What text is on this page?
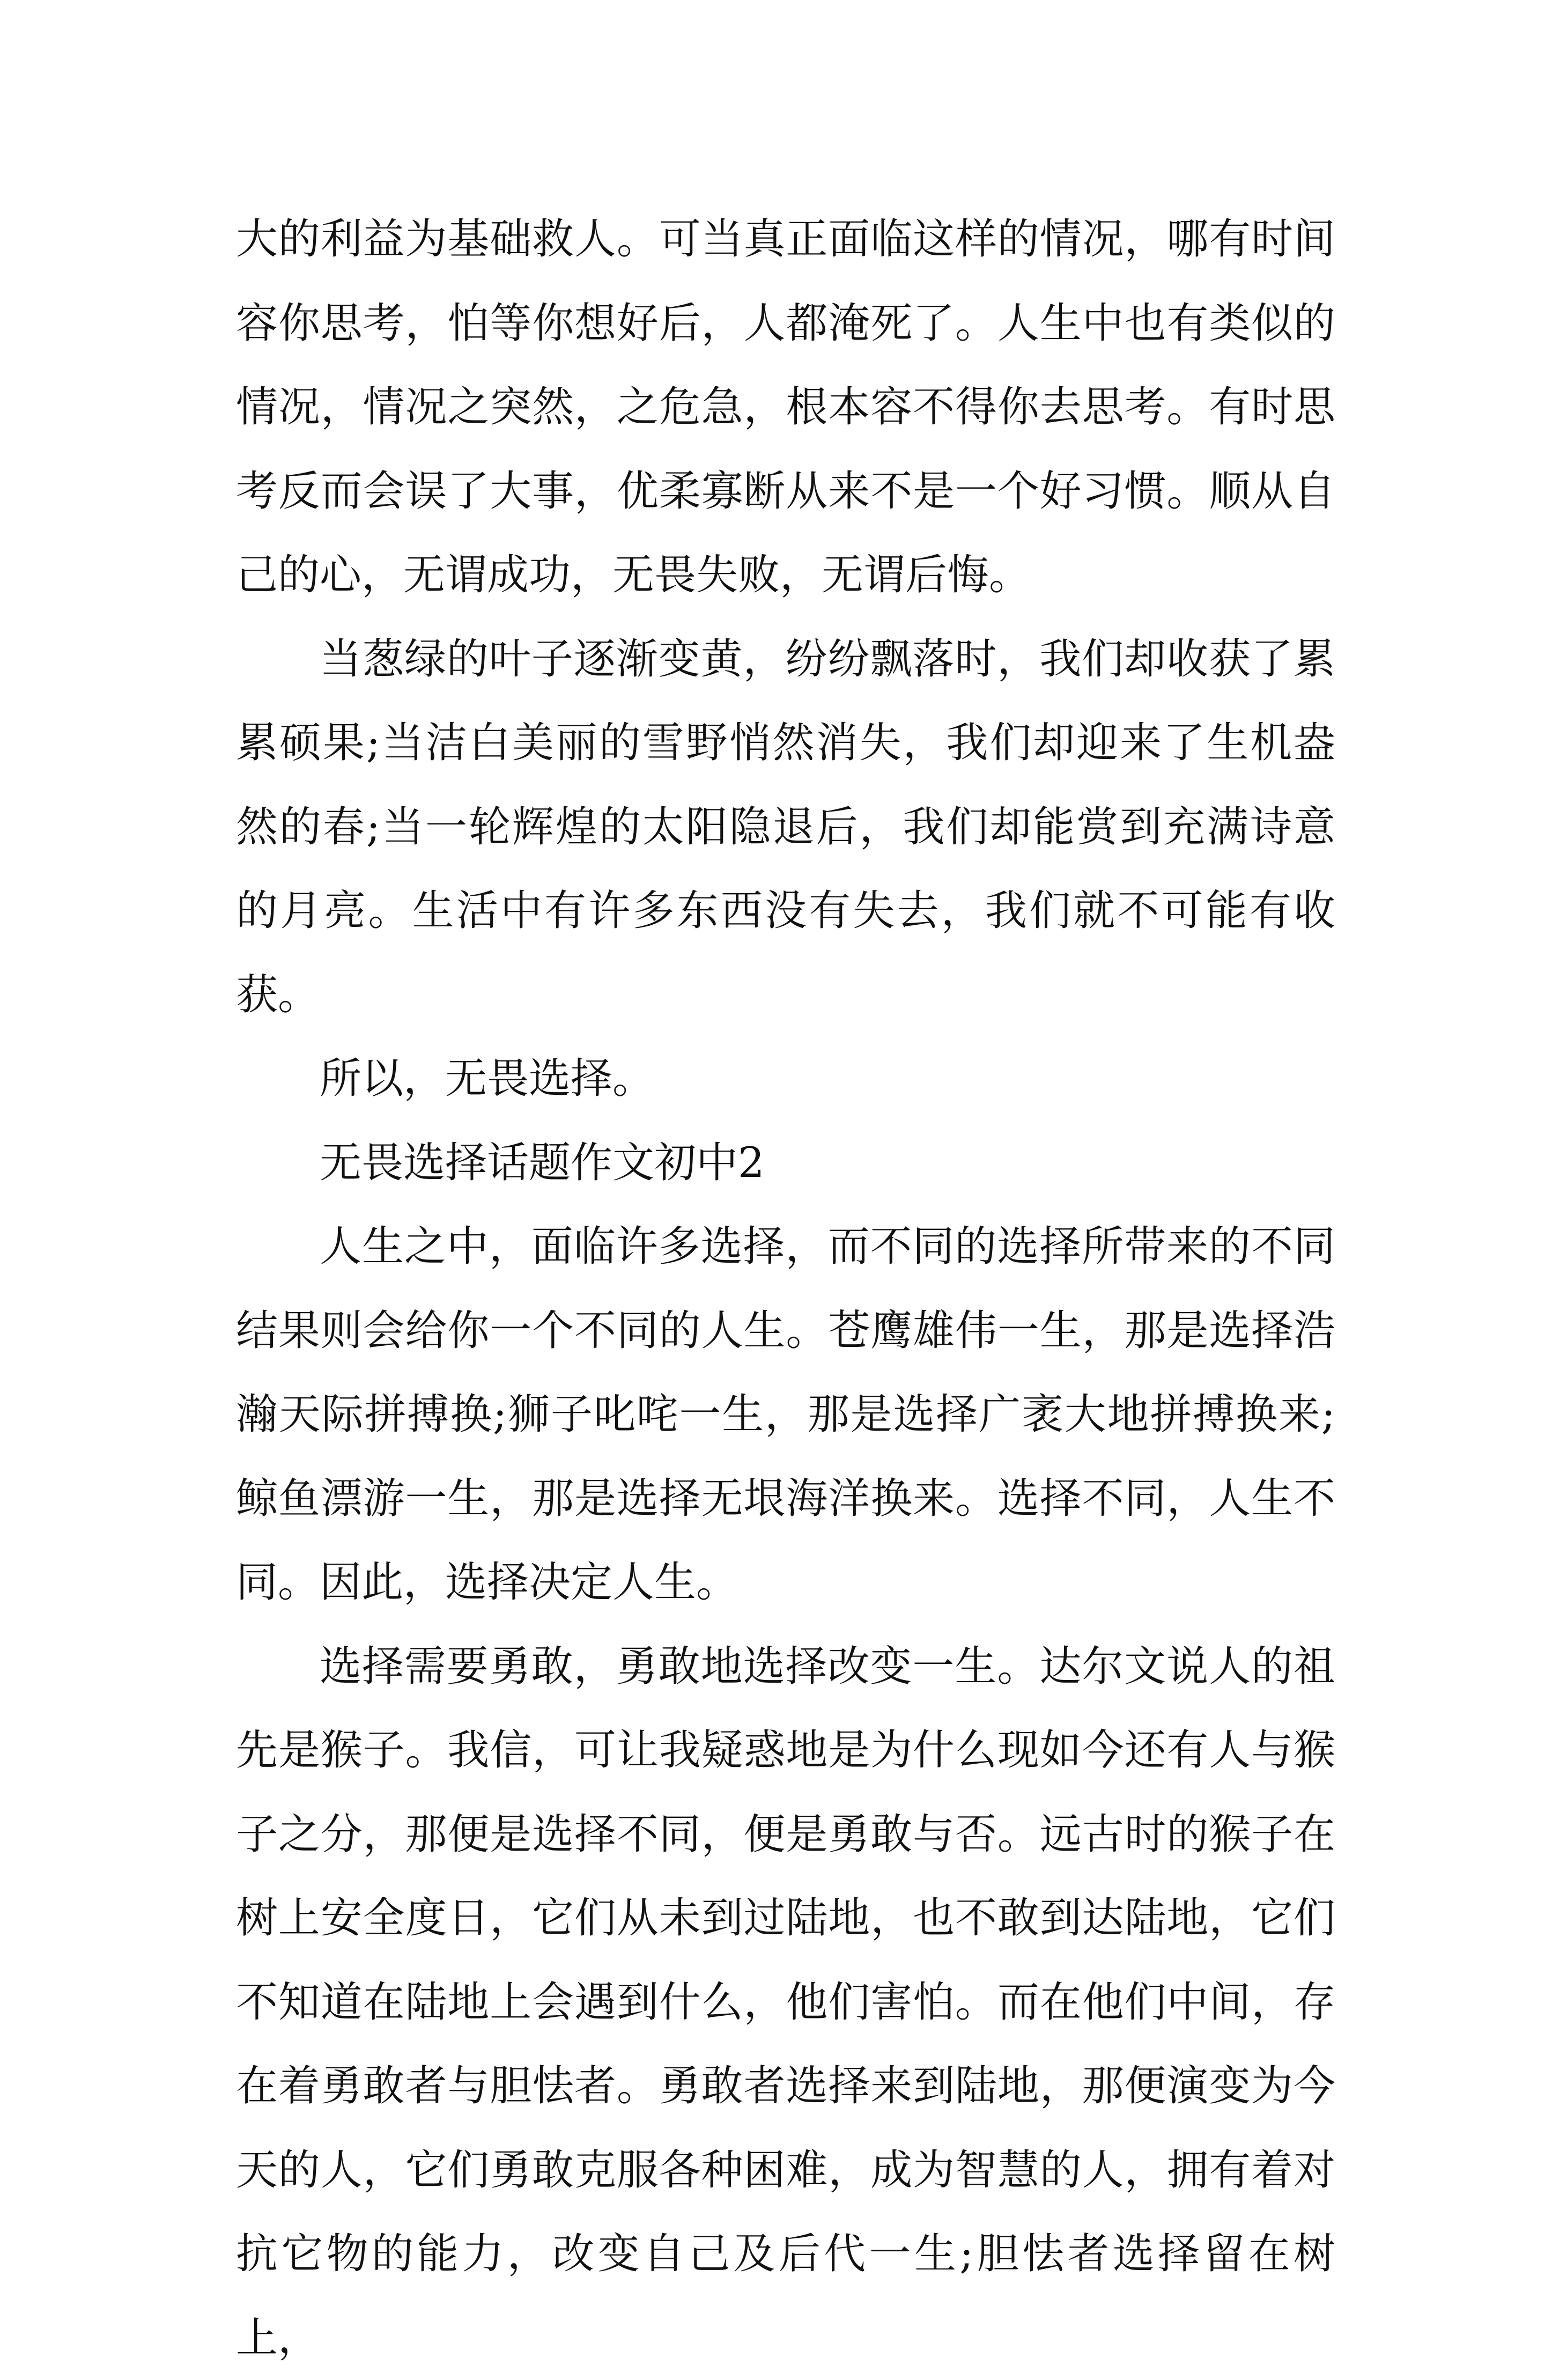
大的利益为基础救人。可当真正面临这样的情况，哪有时间容你思考，怕等你想好后，人都淹死了。人生中也有类似的情况，情况之突然，之危急，根本容不得你去思考。有时思考反而会误了大事，优柔寡断从来不是一个好习惯。顺从自己的心，无谓成功，无畏失败，无谓后悔。

当葱绿的叶子逐渐变黄，纷纷飘落时，我们却收获了累累硕果;当洁白美丽的雪野悄然消失，我们却迎来了生机盎然的春;当一轮辉煌的太阳隐退后，我们却能赏到充满诗意的月亮。生活中有许多东西没有失去，我们就不可能有收获。

所以，无畏选择。

无畏选择话题作文初中2

人生之中，面临许多选择，而不同的选择所带来的不同结果则会给你一个不同的人生。苍鹰雄伟一生，那是选择浩瀚天际拼搏换;狮子叱咤一生，那是选择广袤大地拼搏换来;鲸鱼漂游一生，那是选择无垠海洋换来。选择不同，人生不同。因此，选择决定人生。

选择需要勇敢，勇敢地选择改变一生。达尔文说人的祖先是猴子。我信，可让我疑惑地是为什么现如今还有人与猴子之分，那便是选择不同，便是勇敢与否。远古时的猴子在树上安全度日，它们从未到过陆地，也不敢到达陆地，它们不知道在陆地上会遇到什么，他们害怕。而在他们中间，存在着勇敢者与胆怯者。勇敢者选择来到陆地，那便演变为今天的人，它们勇敢克服各种困难，成为智慧的人，拥有着对抗它物的能力，改变自己及后代一生;胆怯者选择留在树上，
